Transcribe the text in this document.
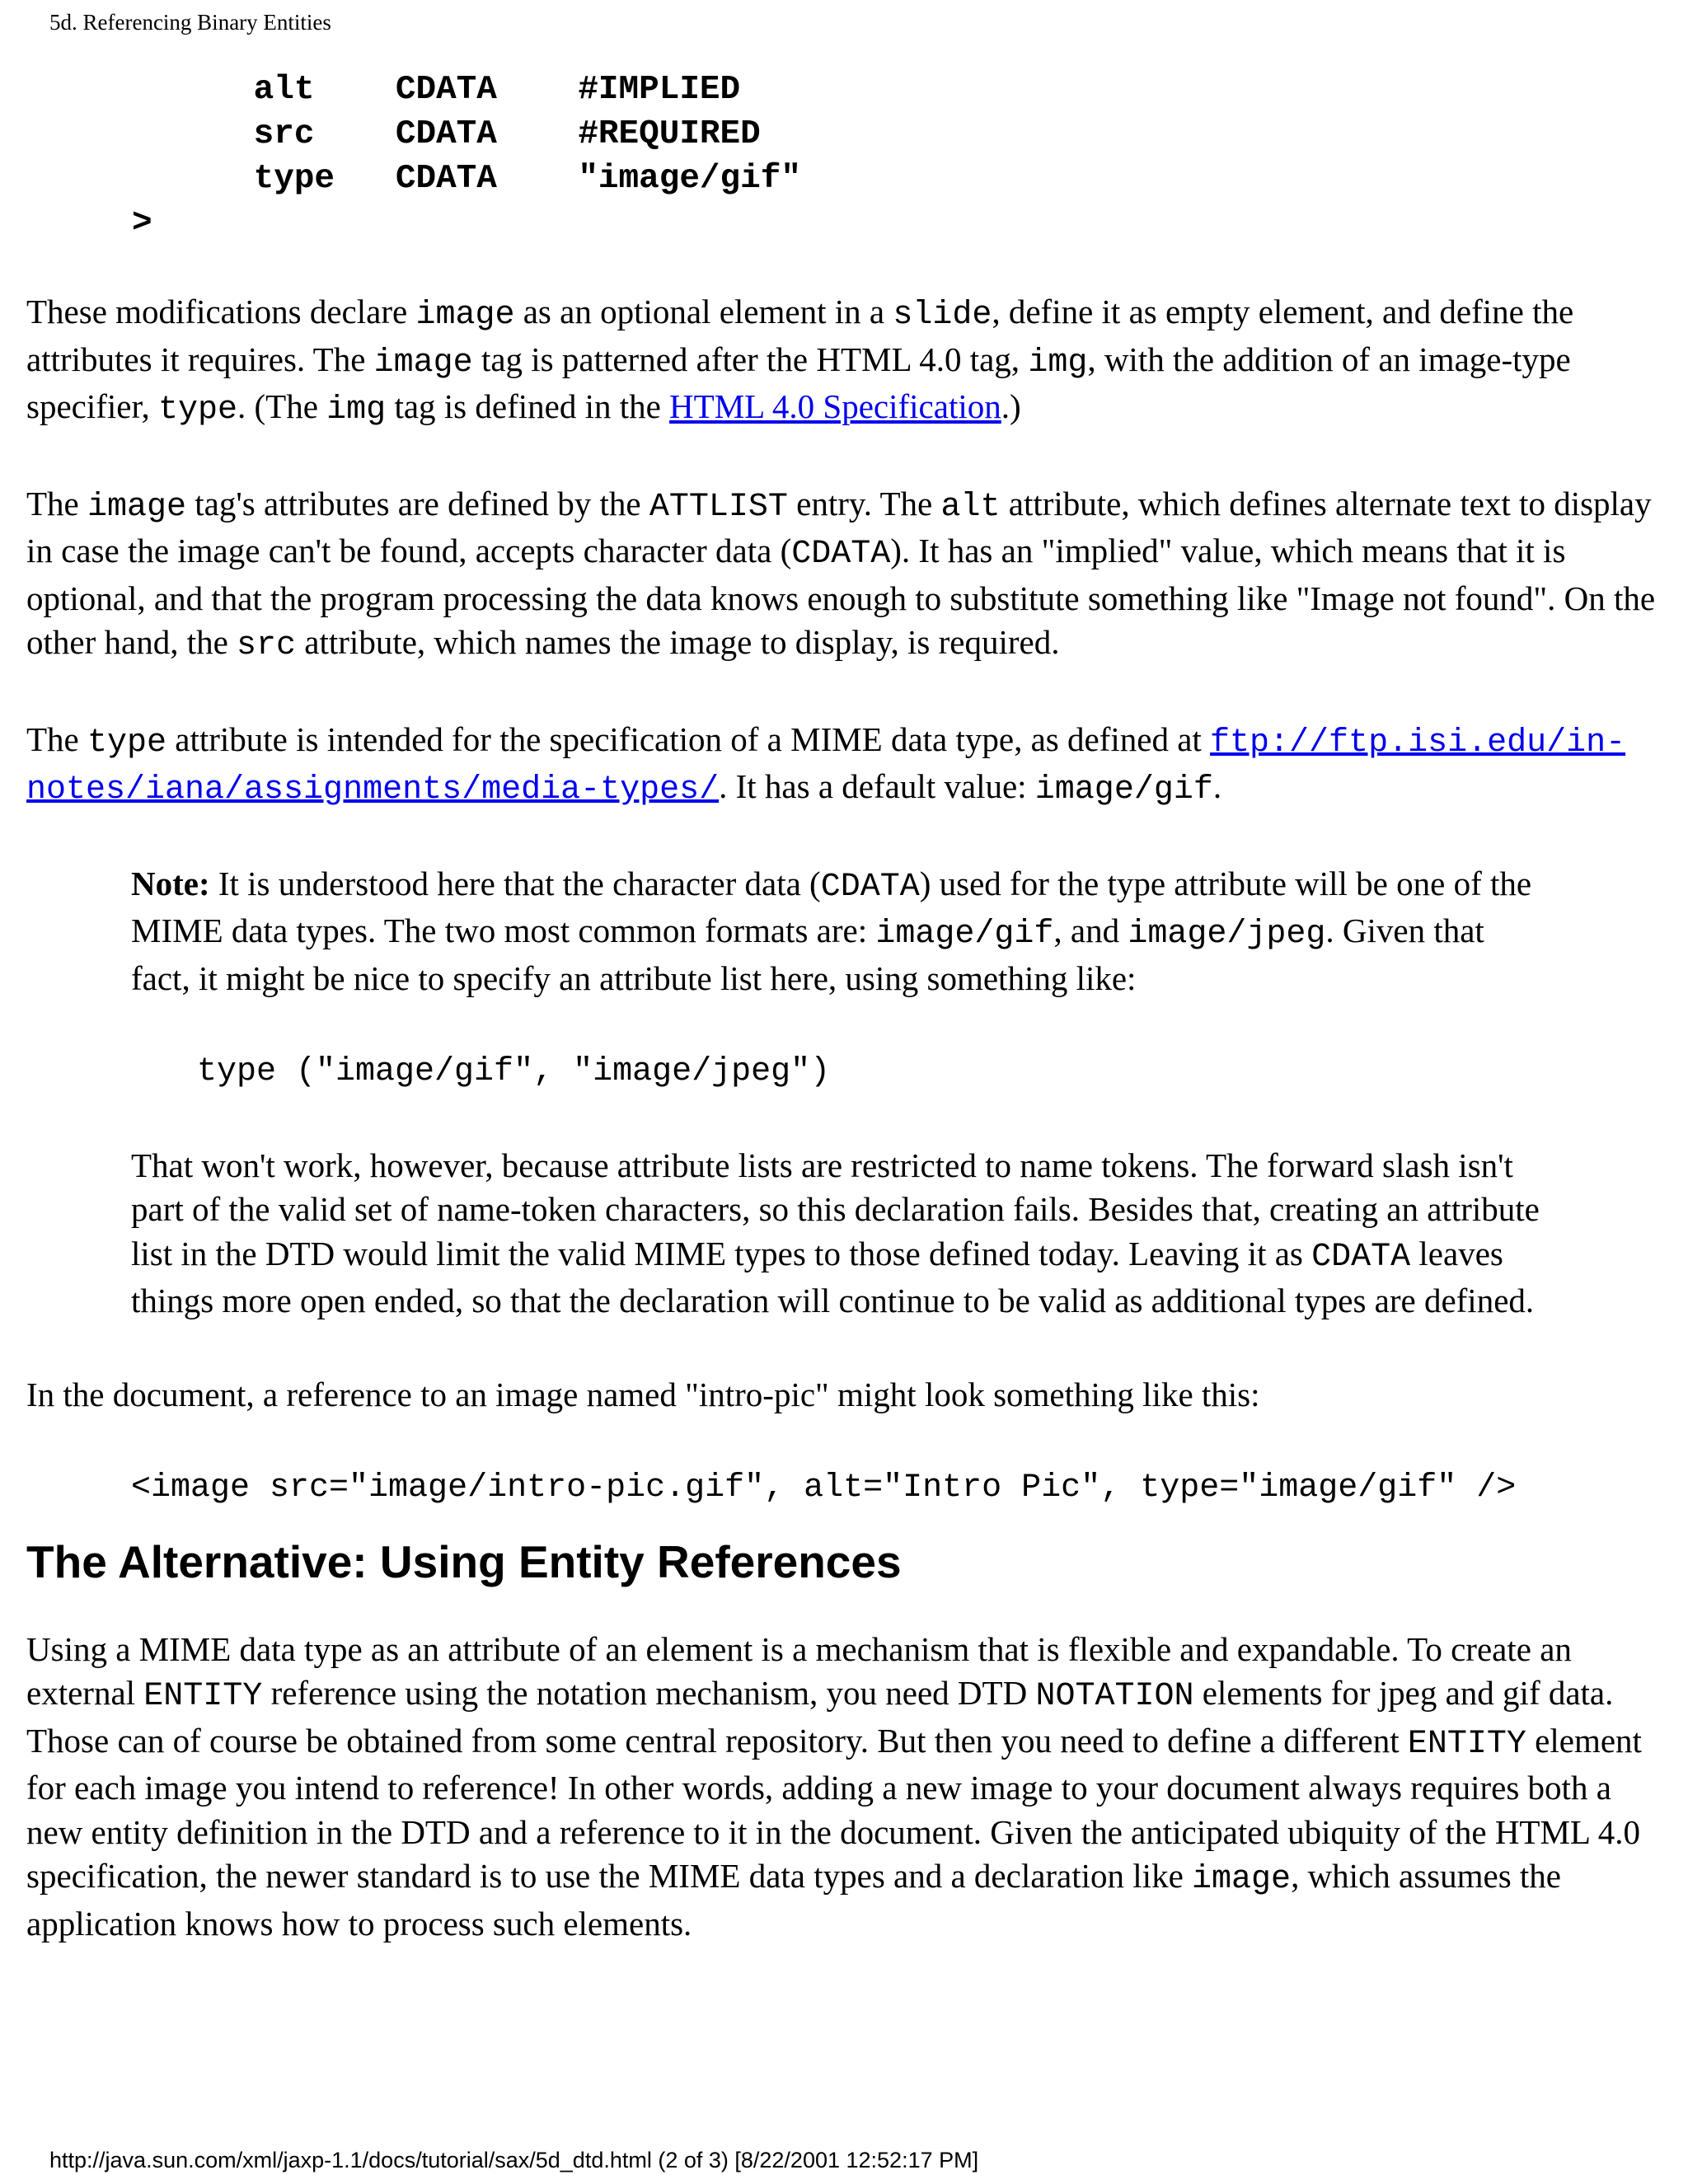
5d. Referencing Binary Entities
alt CDATA #IMPLIED
src CDATA #REQUIRED
type CDATA "image/gif"
>

These modifications declare image as an optional element in a slide, define it as empty element, and define the attributes it requires. The image tag is patterned after the HTML 4.0 tag, img, with the addition of an image-type specifier, type. (The img tag is defined in the HTML 4.0 Specification.)

The image tag's attributes are defined by the ATTLIST entry. The alt attribute, which defines alternate text to display in case the image can't be found, accepts character data (CDATA). It has an "implied" value, which means that it is optional, and that the program processing the data knows enough to substitute something like "Image not found". On the other hand, the src attribute, which names the image to display, is required.

The type attribute is intended for the specification of a MIME data type, as defined at ftp://ftp.isi.edu/in-notes/iana/assignments/media-types/. It has a default value: image/gif.

Note: It is understood here that the character data (CDATA) used for the type attribute will be one of the MIME data types. The two most common formats are: image/gif, and image/jpeg. Given that fact, it might be nice to specify an attribute list here, using something like:

type ("image/gif", "image/jpeg")

That won't work, however, because attribute lists are restricted to name tokens. The forward slash isn't part of the valid set of name-token characters, so this declaration fails. Besides that, creating an attribute list in the DTD would limit the valid MIME types to those defined today. Leaving it as CDATA leaves things more open ended, so that the declaration will continue to be valid as additional types are defined.

In the document, a reference to an image named "intro-pic" might look something like this:

<image src="image/intro-pic.gif", alt="Intro Pic", type="image/gif" />
The Alternative: Using Entity References

Using a MIME data type as an attribute of an element is a mechanism that is flexible and expandable. To create an external ENTITY reference using the notation mechanism, you need DTD NOTATION elements for jpeg and gif data. Those can of course be obtained from some central repository. But then you need to define a different ENTITY element for each image you intend to reference! In other words, adding a new image to your document always requires both a new entity definition in the DTD and a reference to it in the document. Given the anticipated ubiquity of the HTML 4.0 specification, the newer standard is to use the MIME data types and a declaration like image, which assumes the application knows how to process such elements.

http://java.sun.com/xml/jaxp-1.1/docs/tutorial/sax/5d_dtd.html (2 of 3) [8/22/2001 12:52:17 PM]
